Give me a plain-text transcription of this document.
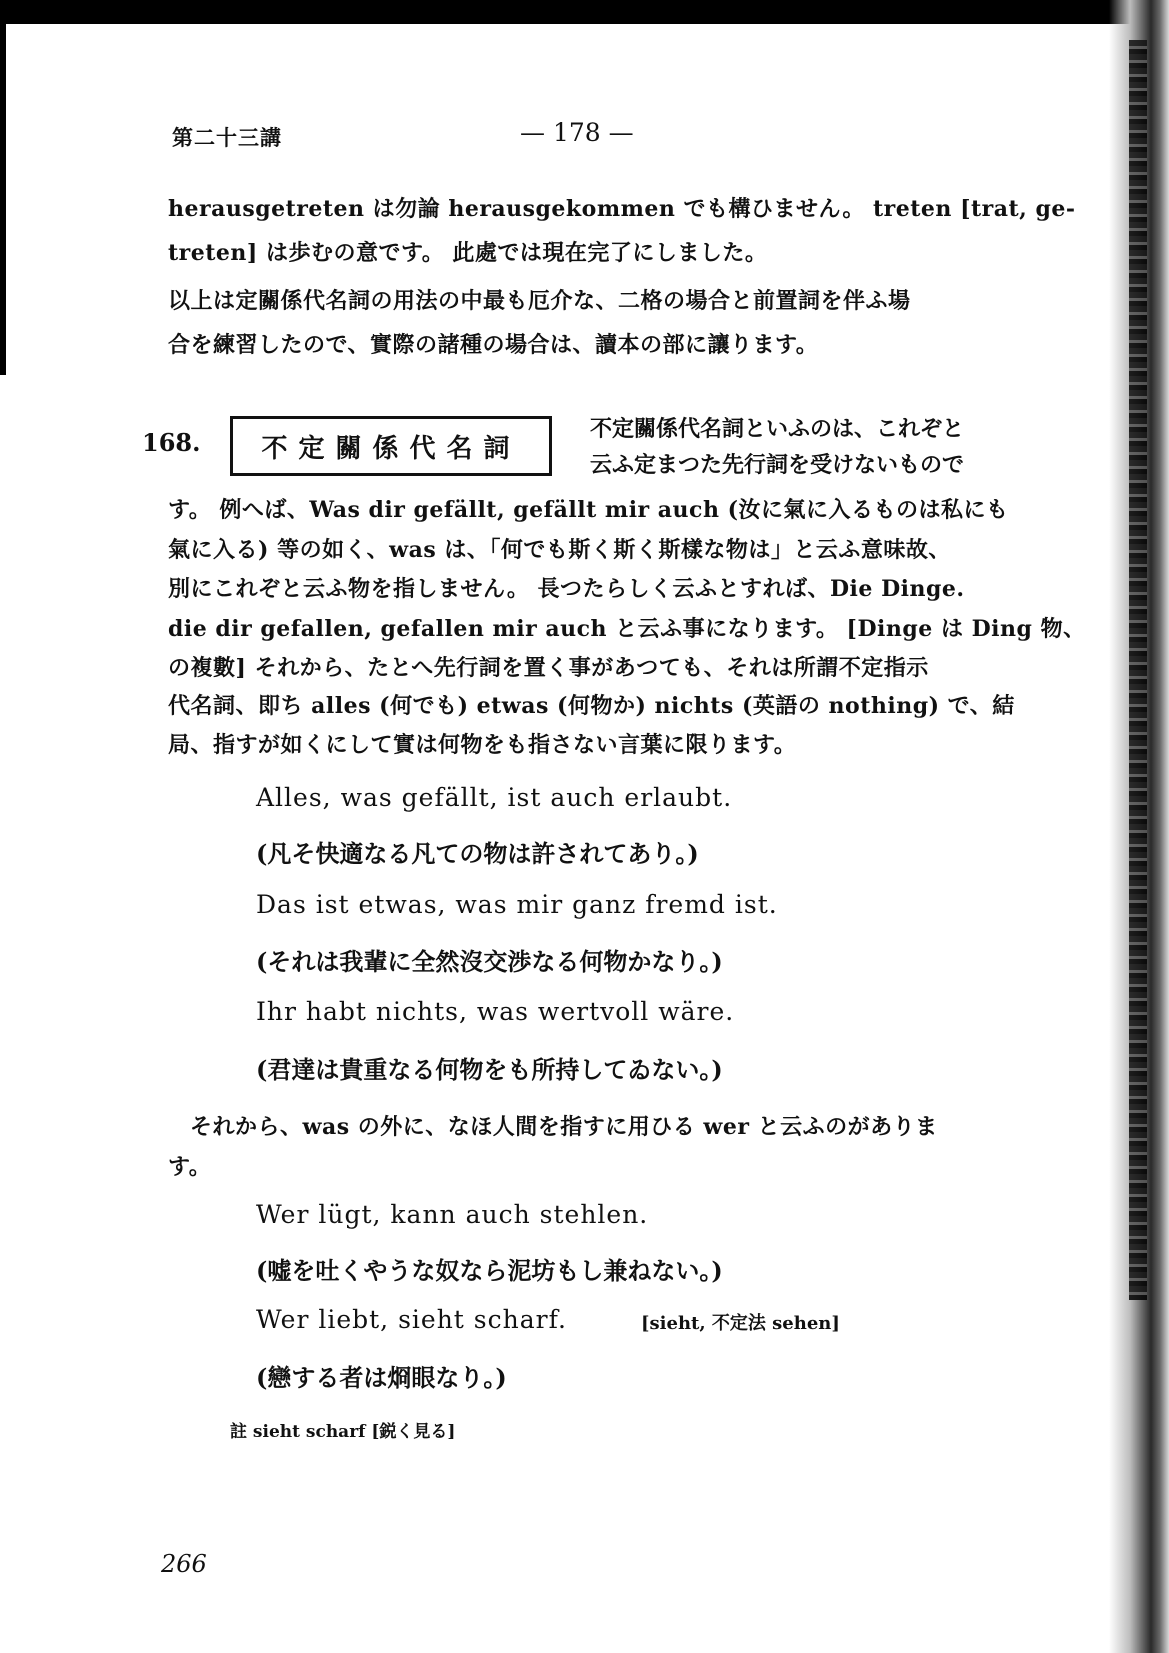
第二十三講	— 178 —
herausgetreten は勿論 herausgekommen でも構ひません。 treten [trat, ge-
treten] は歩むの意です。 此處では現在完了にしました。
以上は定關係代名詞の用法の中最も厄介な、二格の場合と前置詞を伴ふ場
合を練習したので、實際の諸種の場合は、讀本の部に讓ります。
168. 不定關係代名詞
不定關係代名詞といふのは、これぞと
云ふ定まつた先行詞を受けないもので
す。 例へば、Was dir gefällt, gefällt mir auch (汝に氣に入るものは私にも
氣に入る) 等の如く、was は、「何でも斯く斯く斯樣な物は」と云ふ意味故、
別にこれぞと云ふ物を指しません。 長つたらしく云ふとすれば、Die Dinge.
die dir gefallen, gefallen mir auch と云ふ事になります。 [Dinge は Ding 物、
の複數] それから、たとへ先行詞を置く事があつても、それは所謂不定指示
代名詞、即ち alles (何でも) etwas (何物か) nichts (英語の nothing) で、結
局、指すが如くにして實は何物をも指さない言葉に限ります。
Alles, was gefällt, ist auch erlaubt.
(凡そ快適なる凡ての物は許されてあり。)
Das ist etwas, was mir ganz fremd ist.
(それは我輩に全然沒交渉なる何物かなり。)
Ihr habt nichts, was wertvoll wäre.
(君達は貴重なる何物をも所持してゐない。)
それから、was の外に、なほ人間を指すに用ひる wer と云ふのがありま
す。
Wer lügt, kann auch stehlen.
(嘘を吐くやうな奴なら泥坊もし兼ねない。)
Wer liebt, sieht scharf.	[sieht, 不定法 sehen]
(戀する者は烱眼なり。)
註 sieht scharf [鋭く見る]
266
